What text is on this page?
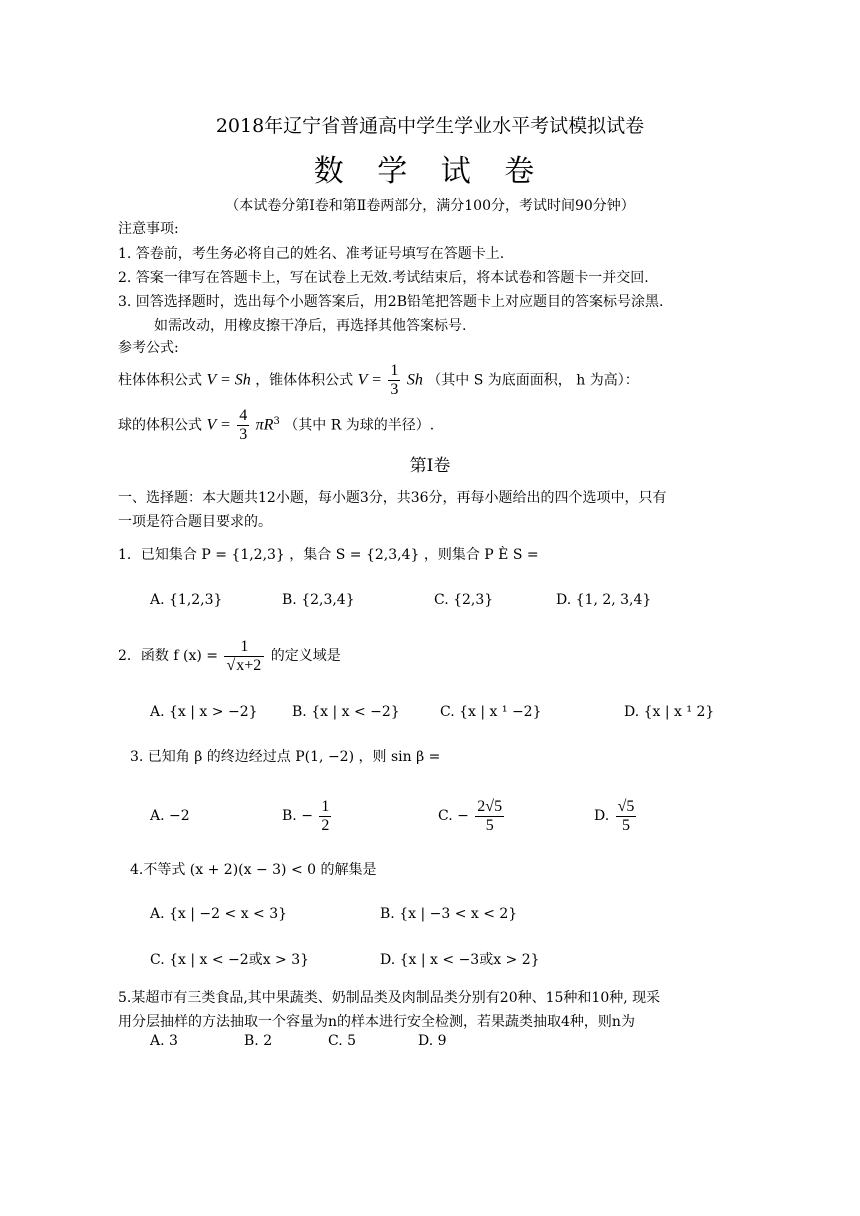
2018年辽宁省普通高中学生学业水平考试模拟试卷
数 学 试 卷
（本试卷分第Ⅰ卷和第Ⅱ卷两部分，满分100分，考试时间90分钟）
注意事项:
1. 答卷前，考生务必将自己的姓名、准考证号填写在答题卡上.
2. 答案一律写在答题卡上，写在试卷上无效.考试结束后，将本试卷和答题卡一并交回.
3. 回答选择题时，选出每个小题答案后，用2B铅笔把答题卡上对应题目的答案标号涂黑.
如需改动，用橡皮擦干净后，再选择其他答案标号.
参考公式:
柱体体积公式 V = Sh ，锥体体积公式 $V = \frac{1}{3}$ Sh （其中 S 为底面面积， h 为高）：
球的体积公式 $V = \frac{4}{3} \pi R^3$ （其中 R 为球的半径）.
第Ⅰ卷
一、选择题：本大题共12小题，每小题3分，共36分，再每小题给出的四个选项中，只有
一项是符合题目要求的。
1．已知集合 P = {1,2,3} ，集合 S = {2,3,4} ，则集合 P È S =
A. {1,2,3}	B. {2,3,4}	C. {2,3}	D. {1, 2, 3,4}
2．函数 f $(x) = \frac{1}{√x+2}$ 的定义域是
A. {x | x > −2} B. {x | x < −2}	C. {x | x ¹ −2}	D. {x | x ¹ 2}
3. 已知角 β 的终边经过点 P(1, −2) ，则 sin β =
A. −2	B. − $\frac{1}{2}$	C. − $\frac{2√5}{5}$	D. $\frac{√5}{5}$
4.不等式 (x + 2)(x − 3) < 0 的解集是
A. {x | −2 < x < 3}	B. {x | −3 < x < 2}
C. {x | x < −2或x > 3}	D. {x | x < −3或x > 2}
5.某超市有三类食品,其中果蔬类、奶制品类及肉制品类分别有20种、15种和10种, 现采
用分层抽样的方法抽取一个容量为n的样本进行安全检测，若果蔬类抽取4种，则n为
A. 3	B. 2	C. 5	D. 9
